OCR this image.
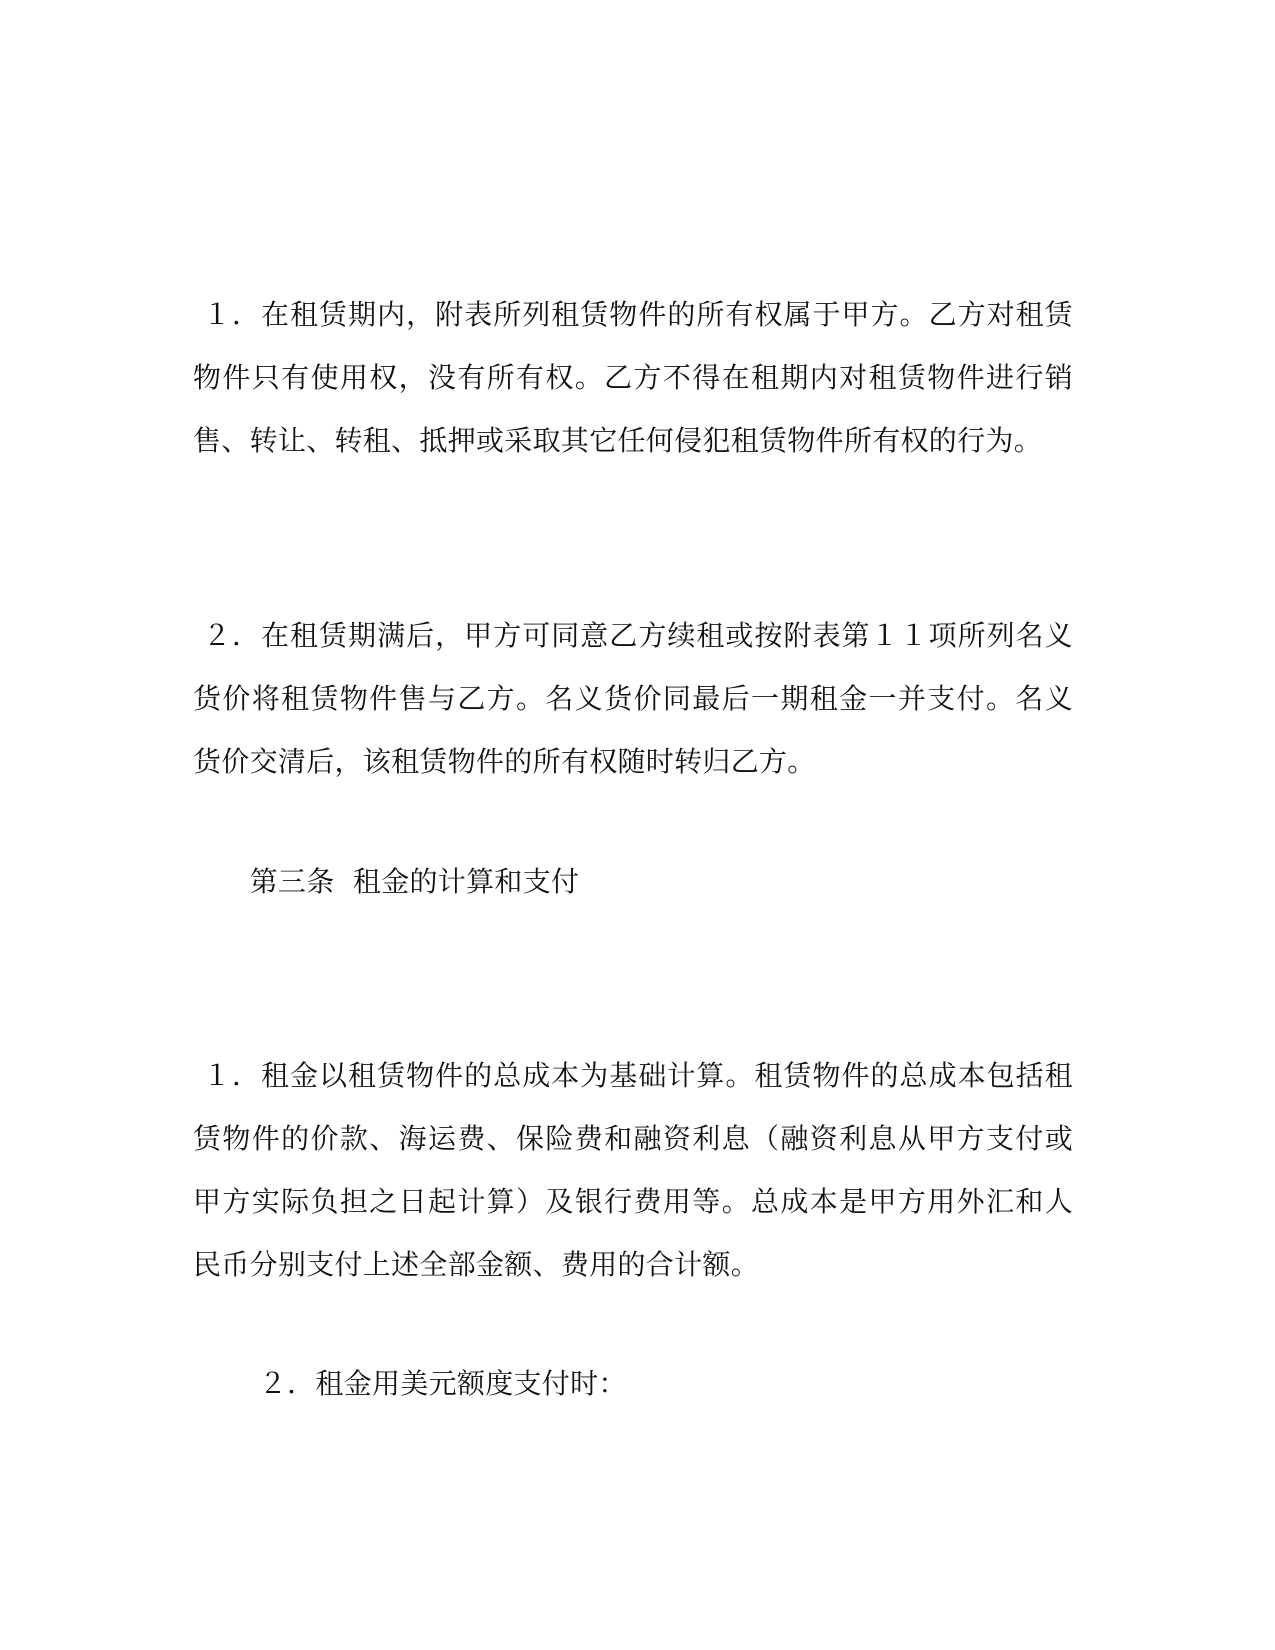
１．在租赁期内，附表所列租赁物件的所有权属于甲方。乙方对租赁
物件只有使用权，没有所有权。乙方不得在租期内对租赁物件进行销
售、转让、转租、抵押或采取其它任何侵犯租赁物件所有权的行为。
２．在租赁期满后，甲方可同意乙方续租或按附表第１１项所列名义
货价将租赁物件售与乙方。名义货价同最后一期租金一并支付。名义
货价交清后，该租赁物件的所有权随时转归乙方。
　　第三条  租金的计算和支付
１．租金以租赁物件的总成本为基础计算。租赁物件的总成本包括租
赁物件的价款、海运费、保险费和融资利息（融资利息从甲方支付或
甲方实际负担之日起计算）及银行费用等。总成本是甲方用外汇和人
民币分别支付上述全部金额、费用的合计额。
　　 ２．租金用美元额度支付时：
